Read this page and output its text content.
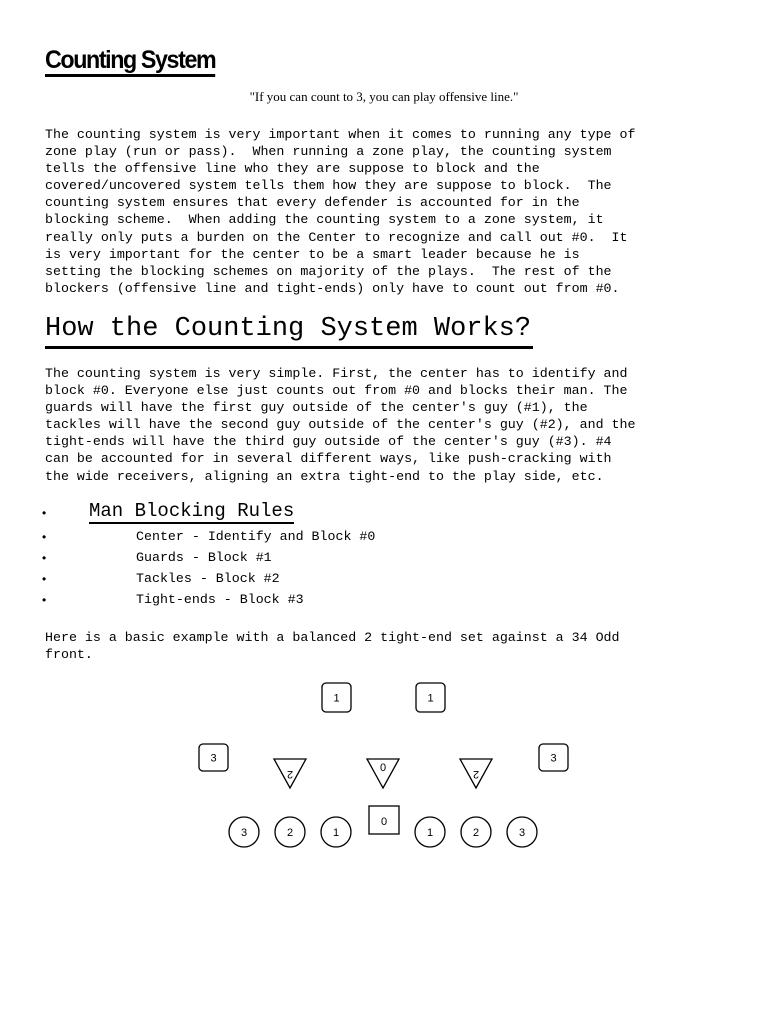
Counting System
"If you can count to 3, you can play offensive line."

The counting system is very important when it comes to running any type of
zone play (run or pass).  When running a zone play, the counting system
tells the offensive line who they are suppose to block and the
covered/uncovered system tells them how they are suppose to block.  The
counting system ensures that every defender is accounted for in the
blocking scheme.  When adding the counting system to a zone system, it
really only puts a burden on the Center to recognize and call out #0.  It
is very important for the center to be a smart leader because he is
setting the blocking schemes on majority of the plays.  The rest of the
blockers (offensive line and tight-ends) only have to count out from #0.

How the Counting System Works?

The counting system is very simple. First, the center has to identify and
block #0. Everyone else just counts out from #0 and blocks their man. The
guards will have the first guy outside of the center's guy (#1), the
tackles will have the second guy outside of the center's guy (#2), and the
tight-ends will have the third guy outside of the center's guy (#3). #4
can be accounted for in several different ways, like push-cracking with
the wide receivers, aligning an extra tight-end to the play side, etc.

• Man Blocking Rules
•	Center - Identify and Block #0
•	Guards - Block #1
•	Tackles - Block #2
•	Tight-ends - Block #3

Here is a basic example with a balanced 2 tight-end set against a 34 Odd
front.

1	1
3	3
2	0	2
0
3	2	1	1	2	3
